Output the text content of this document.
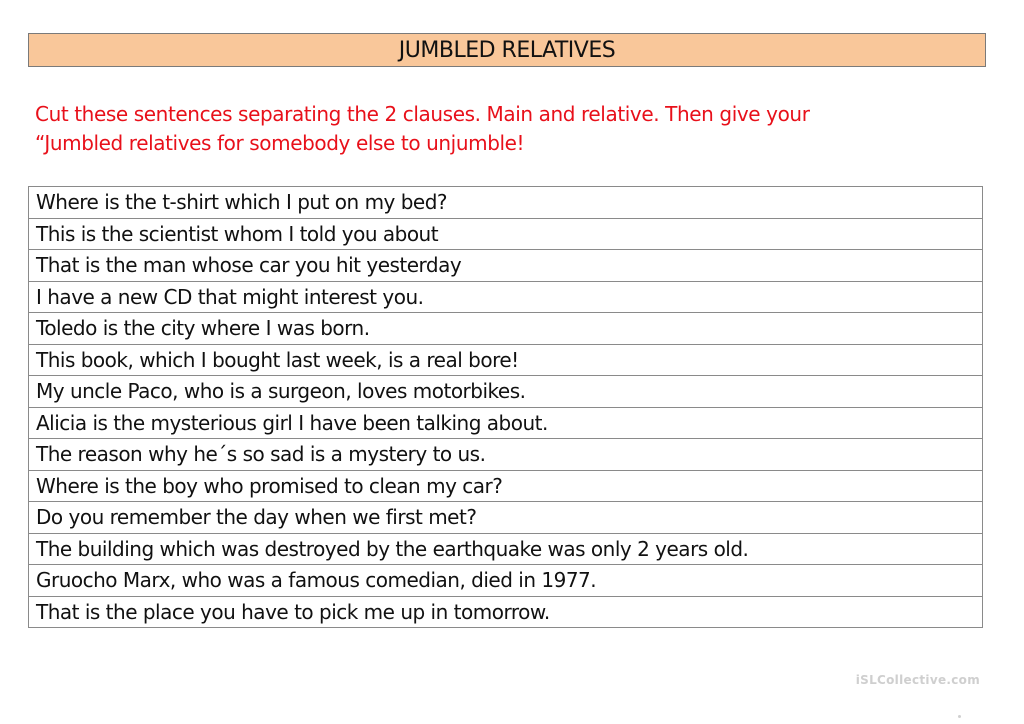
JUMBLED RELATIVES
Cut these sentences separating the 2 clauses. Main and relative. Then give your
“Jumbled relatives for somebody else to unjumble!
Where is the t-shirt which I put on my bed?
This is the scientist whom I told you about
That is the man whose car you hit yesterday
I have a new CD that might interest you.
Toledo is the city where I was born.
This book, which I bought last week, is a real bore!
My uncle Paco, who is a surgeon, loves motorbikes.
Alicia is the mysterious girl I have been talking about.
The reason why he´s so sad is a mystery to us.
Where is the boy who promised to clean my car?
Do you remember the day when we first met?
The building which was destroyed by the earthquake was only 2 years old.
Gruocho Marx, who was a famous comedian, died in 1977.
That is the place you have to pick me up in tomorrow.
iSLCollective.com
